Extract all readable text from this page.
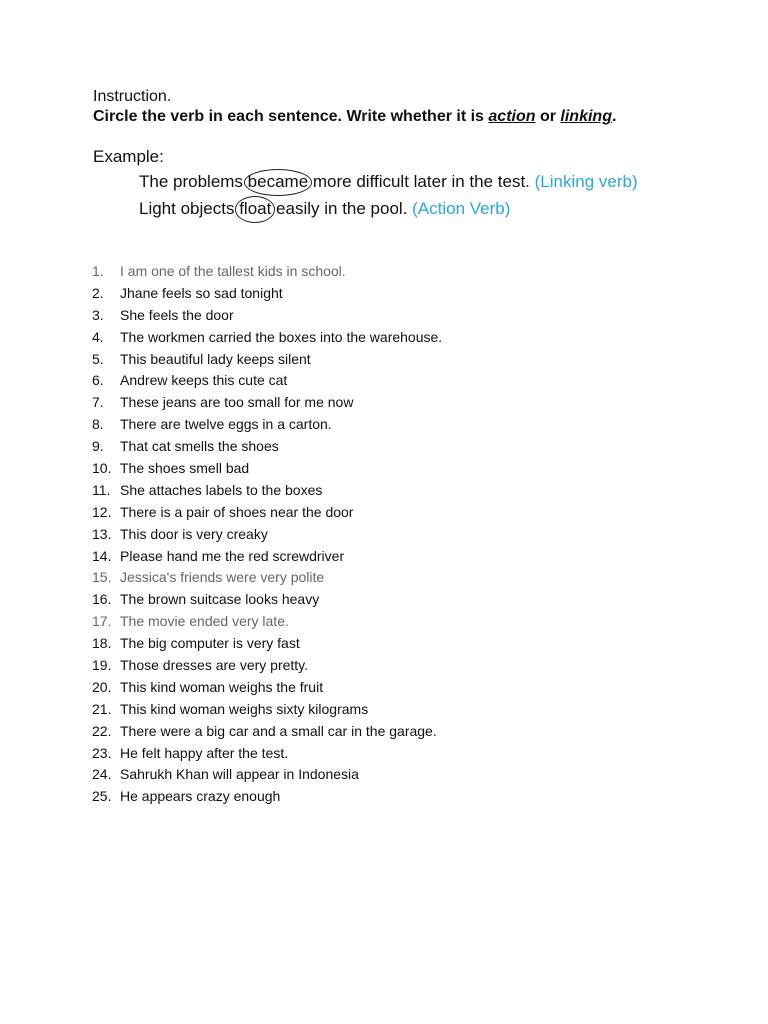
Instruction.
Circle the verb in each sentence. Write whether it is action or linking.
Example:
The problems became more difficult later in the test. (Linking verb)
Light objects float easily in the pool. (Action Verb)
1. I am one of the tallest kids in school.
2. Jhane feels so sad tonight
3. She feels the door
4. The workmen carried the boxes into the warehouse.
5. This beautiful lady keeps silent
6. Andrew keeps this cute cat
7. These jeans are too small for me now
8. There are twelve eggs in a carton.
9. That cat smells the shoes
10. The shoes smell bad
11. She attaches labels to the boxes
12. There is a pair of shoes near the door
13. This door is very creaky
14. Please hand me the red screwdriver
15. Jessica's friends were very polite
16. The brown suitcase looks heavy
17. The movie ended very late.
18. The big computer is very fast
19. Those dresses are very pretty.
20. This kind woman weighs the fruit
21. This kind woman weighs sixty kilograms
22. There were a big car and a small car in the garage.
23. He felt happy after the test.
24. Sahrukh Khan will appear in Indonesia
25. He appears crazy enough
